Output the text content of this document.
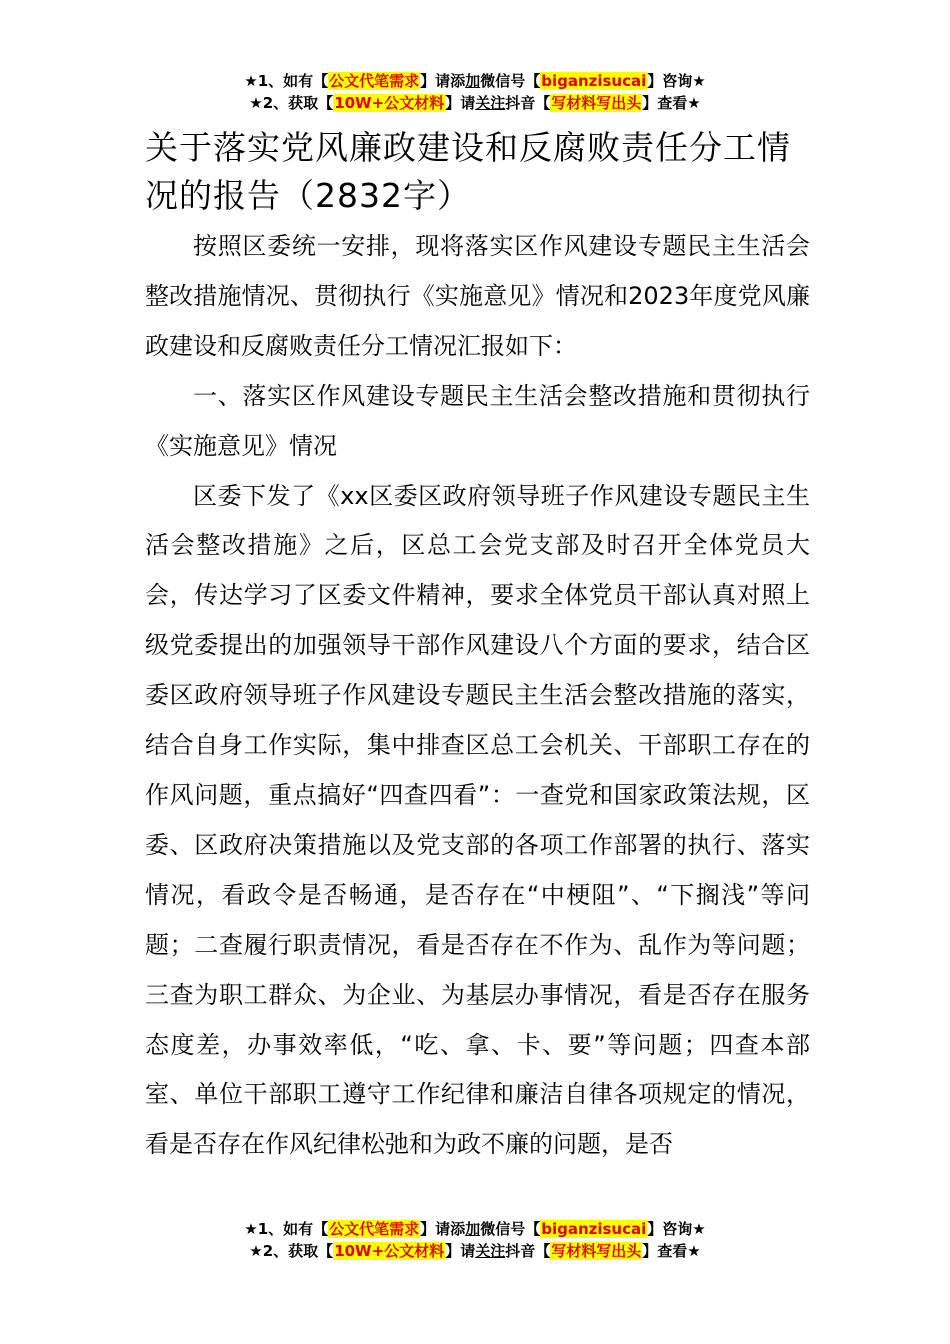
★1、如有【公文代笔需求】请添加微信号【biganzisucai】咨询★
★2、获取【10W+公文材料】请关注抖音【写材料写出头】查看★
关于落实党风廉政建设和反腐败责任分工情况的报告（2832字）

按照区委统一安排，现将落实区作风建设专题民主生活会整改措施情况、贯彻执行《实施意见》情况和2023年度党风廉政建设和反腐败责任分工情况汇报如下：

一、落实区作风建设专题民主生活会整改措施和贯彻执行《实施意见》情况

区委下发了《xx区委区政府领导班子作风建设专题民主生活会整改措施》之后，区总工会党支部及时召开全体党员大会，传达学习了区委文件精神，要求全体党员干部认真对照上级党委提出的加强领导干部作风建设八个方面的要求，结合区委区政府领导班子作风建设专题民主生活会整改措施的落实，结合自身工作实际，集中排查区总工会机关、干部职工存在的作风问题，重点搞好“四查四看”：一查党和国家政策法规，区委、区政府决策措施以及党支部的各项工作部署的执行、落实情况，看政令是否畅通，是否存在“中梗阻”、“下搁浅”等问题；二查履行职责情况，看是否存在不作为、乱作为等问题；三查为职工群众、为企业、为基层办事情况，看是否存在服务态度差，办事效率低，“吃、拿、卡、要”等问题；四查本部室、单位干部职工遵守工作纪律和廉洁自律各项规定的情况，看是否存在作风纪律松弛和为政不廉的问题，是否

★1、如有【公文代笔需求】请添加微信号【biganzisucai】咨询★
★2、获取【10W+公文材料】请关注抖音【写材料写出头】查看★
